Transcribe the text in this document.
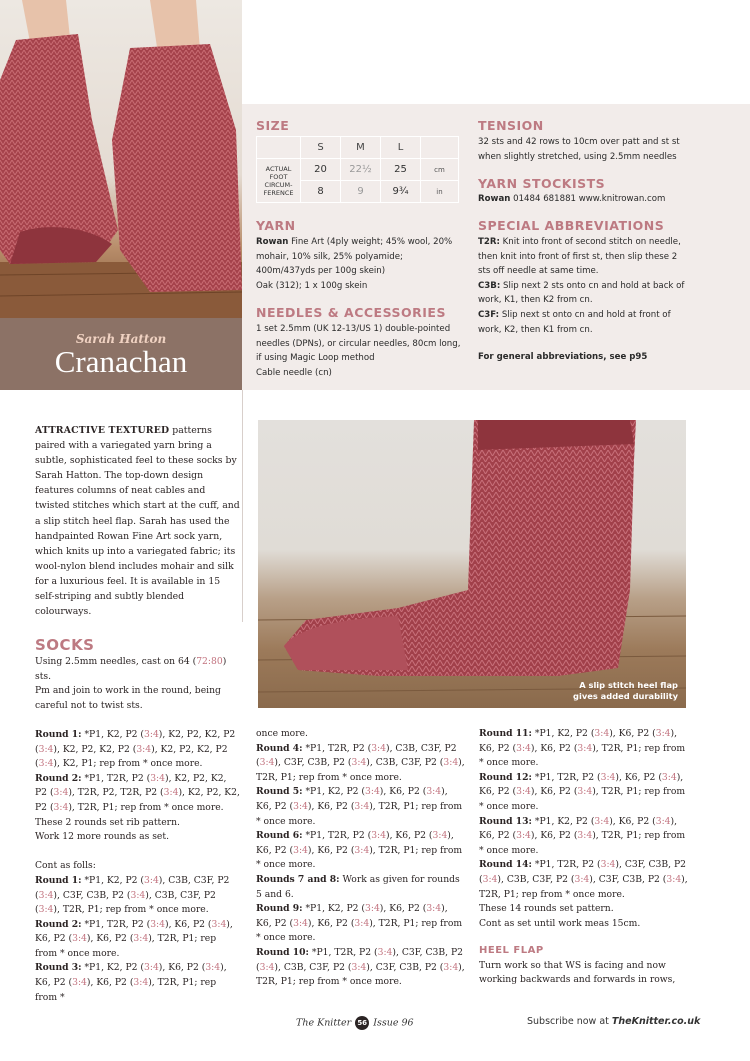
Sarah Hatton
Cranachan
SIZE
	S	M	L	
ACTUAL FOOT CIRCUM- FERENCE	20	22½	25	cm
	8	9	9¾	in
YARN
Rowan Fine Art (4ply weight; 45% wool, 20% mohair, 10% silk, 25% polyamide; 400m/437yds per 100g skein)
Oak (312); 1 x 100g skein
NEEDLES & ACCESSORIES
1 set 2.5mm (UK 12-13/US 1) double-pointed needles (DPNs), or circular needles, 80cm long, if using Magic Loop method
Cable needle (cn)
TENSION
32 sts and 42 rows to 10cm over patt and st st when slightly stretched, using 2.5mm needles
YARN STOCKISTS
Rowan 01484 681881 www.knitrowan.com
SPECIAL ABBREVIATIONS
T2R: Knit into front of second stitch on needle, then knit into front of first st, then slip these 2 sts off needle at same time.
C3B: Slip next 2 sts onto cn and hold at back of work, K1, then K2 from cn.
C3F: Slip next st onto cn and hold at front of work, K2, then K1 from cn.
For general abbreviations, see p95
ATTRACTIVE TEXTURED patterns paired with a variegated yarn bring a subtle, sophisticated feel to these socks by Sarah Hatton. The top-down design features columns of neat cables and twisted stitches which start at the cuff, and a slip stitch heel flap. Sarah has used the handpainted Rowan Fine Art sock yarn, which knits up into a variegated fabric; its wool-nylon blend includes mohair and silk for a luxurious feel. It is available in 15 self-striping and subtly blended colourways.
A slip stitch heel flap
gives added durability
SOCKS
Using 2.5mm needles, cast on 64 (72:80) sts.
Pm and join to work in the round, being careful not to twist sts.
Round 1: *P1, K2, P2 (3:4), K2, P2, K2, P2 (3:4), K2, P2, K2, P2 (3:4), K2, P2, K2, P2 (3:4), K2, P1; rep from * once more.
Round 2: *P1, T2R, P2 (3:4), K2, P2, K2, P2 (3:4), T2R, P2, T2R, P2 (3:4), K2, P2, K2, P2 (3:4), T2R, P1; rep from * once more.
These 2 rounds set rib pattern.
Work 12 more rounds as set.
Cont as folls:
Round 1: *P1, K2, P2 (3:4), C3B, C3F, P2 (3:4), C3F, C3B, P2 (3:4), C3B, C3F, P2 (3:4), T2R, P1; rep from * once more.
Round 2: *P1, T2R, P2 (3:4), K6, P2 (3:4), K6, P2 (3:4), K6, P2 (3:4), T2R, P1; rep from * once more.
Round 3: *P1, K2, P2 (3:4), K6, P2 (3:4), K6, P2 (3:4), K6, P2 (3:4), T2R, P1; rep from *
once more.
Round 4: *P1, T2R, P2 (3:4), C3B, C3F, P2 (3:4), C3F, C3B, P2 (3:4), C3B, C3F, P2 (3:4), T2R, P1; rep from * once more.
Round 5: *P1, K2, P2 (3:4), K6, P2 (3:4), K6, P2 (3:4), K6, P2 (3:4), T2R, P1; rep from * once more.
Round 6: *P1, T2R, P2 (3:4), K6, P2 (3:4), K6, P2 (3:4), K6, P2 (3:4), T2R, P1; rep from * once more.
Rounds 7 and 8: Work as given for rounds 5 and 6.
Round 9: *P1, K2, P2 (3:4), K6, P2 (3:4), K6, P2 (3:4), K6, P2 (3:4), T2R, P1; rep from * once more.
Round 10: *P1, T2R, P2 (3:4), C3F, C3B, P2 (3:4), C3B, C3F, P2 (3:4), C3F, C3B, P2 (3:4), T2R, P1; rep from * once more.
Round 11: *P1, K2, P2 (3:4), K6, P2 (3:4), K6, P2 (3:4), K6, P2 (3:4), T2R, P1; rep from * once more.
Round 12: *P1, T2R, P2 (3:4), K6, P2 (3:4), K6, P2 (3:4), K6, P2 (3:4), T2R, P1; rep from * once more.
Round 13: *P1, K2, P2 (3:4), K6, P2 (3:4), K6, P2 (3:4), K6, P2 (3:4), T2R, P1; rep from * once more.
Round 14: *P1, T2R, P2 (3:4), C3F, C3B, P2 (3:4), C3B, C3F, P2 (3:4), C3F, C3B, P2 (3:4), T2R, P1; rep from * once more.
These 14 rounds set pattern.
Cont as set until work meas 15cm.
HEEL FLAP
Turn work so that WS is facing and now working backwards and forwards in rows,
The Knitter 56 Issue 96	Subscribe now at TheKnitter.co.uk
